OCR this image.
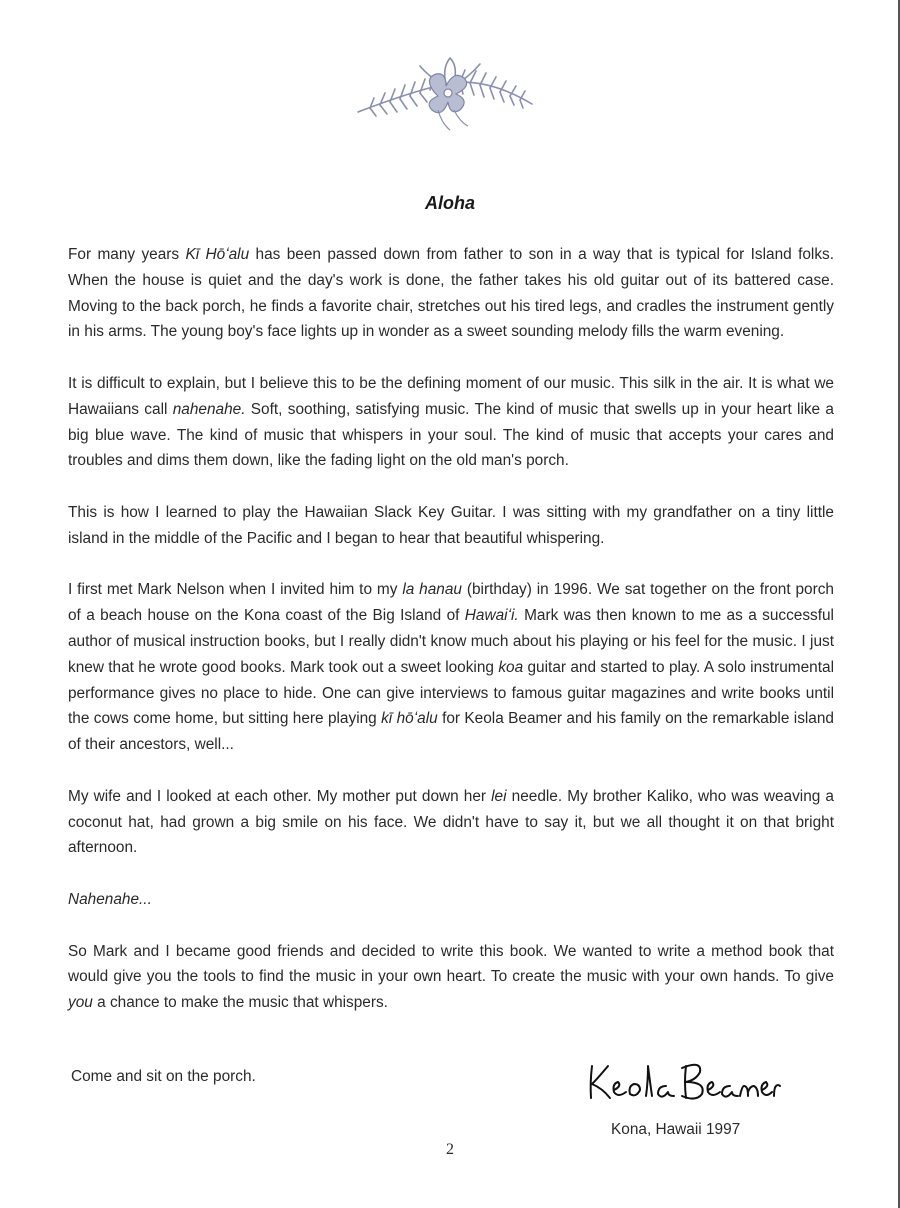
Aloha

For many years Kī Hōʻalu has been passed down from father to son in a way that is typical for Island folks. When the house is quiet and the day's work is done, the father takes his old guitar out of its battered case. Moving to the back porch, he finds a favorite chair, stretches out his tired legs, and cradles the instrument gently in his arms. The young boy's face lights up in wonder as a sweet sounding melody fills the warm evening.

It is difficult to explain, but I believe this to be the defining moment of our music. This silk in the air. It is what we Hawaiians call nahenahe. Soft, soothing, satisfying music. The kind of music that swells up in your heart like a big blue wave. The kind of music that whispers in your soul. The kind of music that accepts your cares and troubles and dims them down, like the fading light on the old man's porch.

This is how I learned to play the Hawaiian Slack Key Guitar. I was sitting with my grandfather on a tiny little island in the middle of the Pacific and I began to hear that beautiful whispering.

I first met Mark Nelson when I invited him to my la hanau (birthday) in 1996. We sat together on the front porch of a beach house on the Kona coast of the Big Island of Hawaiʻi. Mark was then known to me as a successful author of musical instruction books, but I really didn't know much about his playing or his feel for the music. I just knew that he wrote good books. Mark took out a sweet looking koa guitar and started to play. A solo instrumental performance gives no place to hide. One can give interviews to famous guitar magazines and write books until the cows come home, but sitting here playing kī hōʻalu for Keola Beamer and his family on the remarkable island of their ancestors, well...

My wife and I looked at each other. My mother put down her lei needle. My brother Kaliko, who was weaving a coconut hat, had grown a big smile on his face. We didn't have to say it, but we all thought it on that bright afternoon.

Nahenahe...

So Mark and I became good friends and decided to write this book. We wanted to write a method book that would give you the tools to find the music in your own heart. To create the music with your own hands. To give you a chance to make the music that whispers.

Come and sit on the porch.
Kona, Hawaii 1997
2
